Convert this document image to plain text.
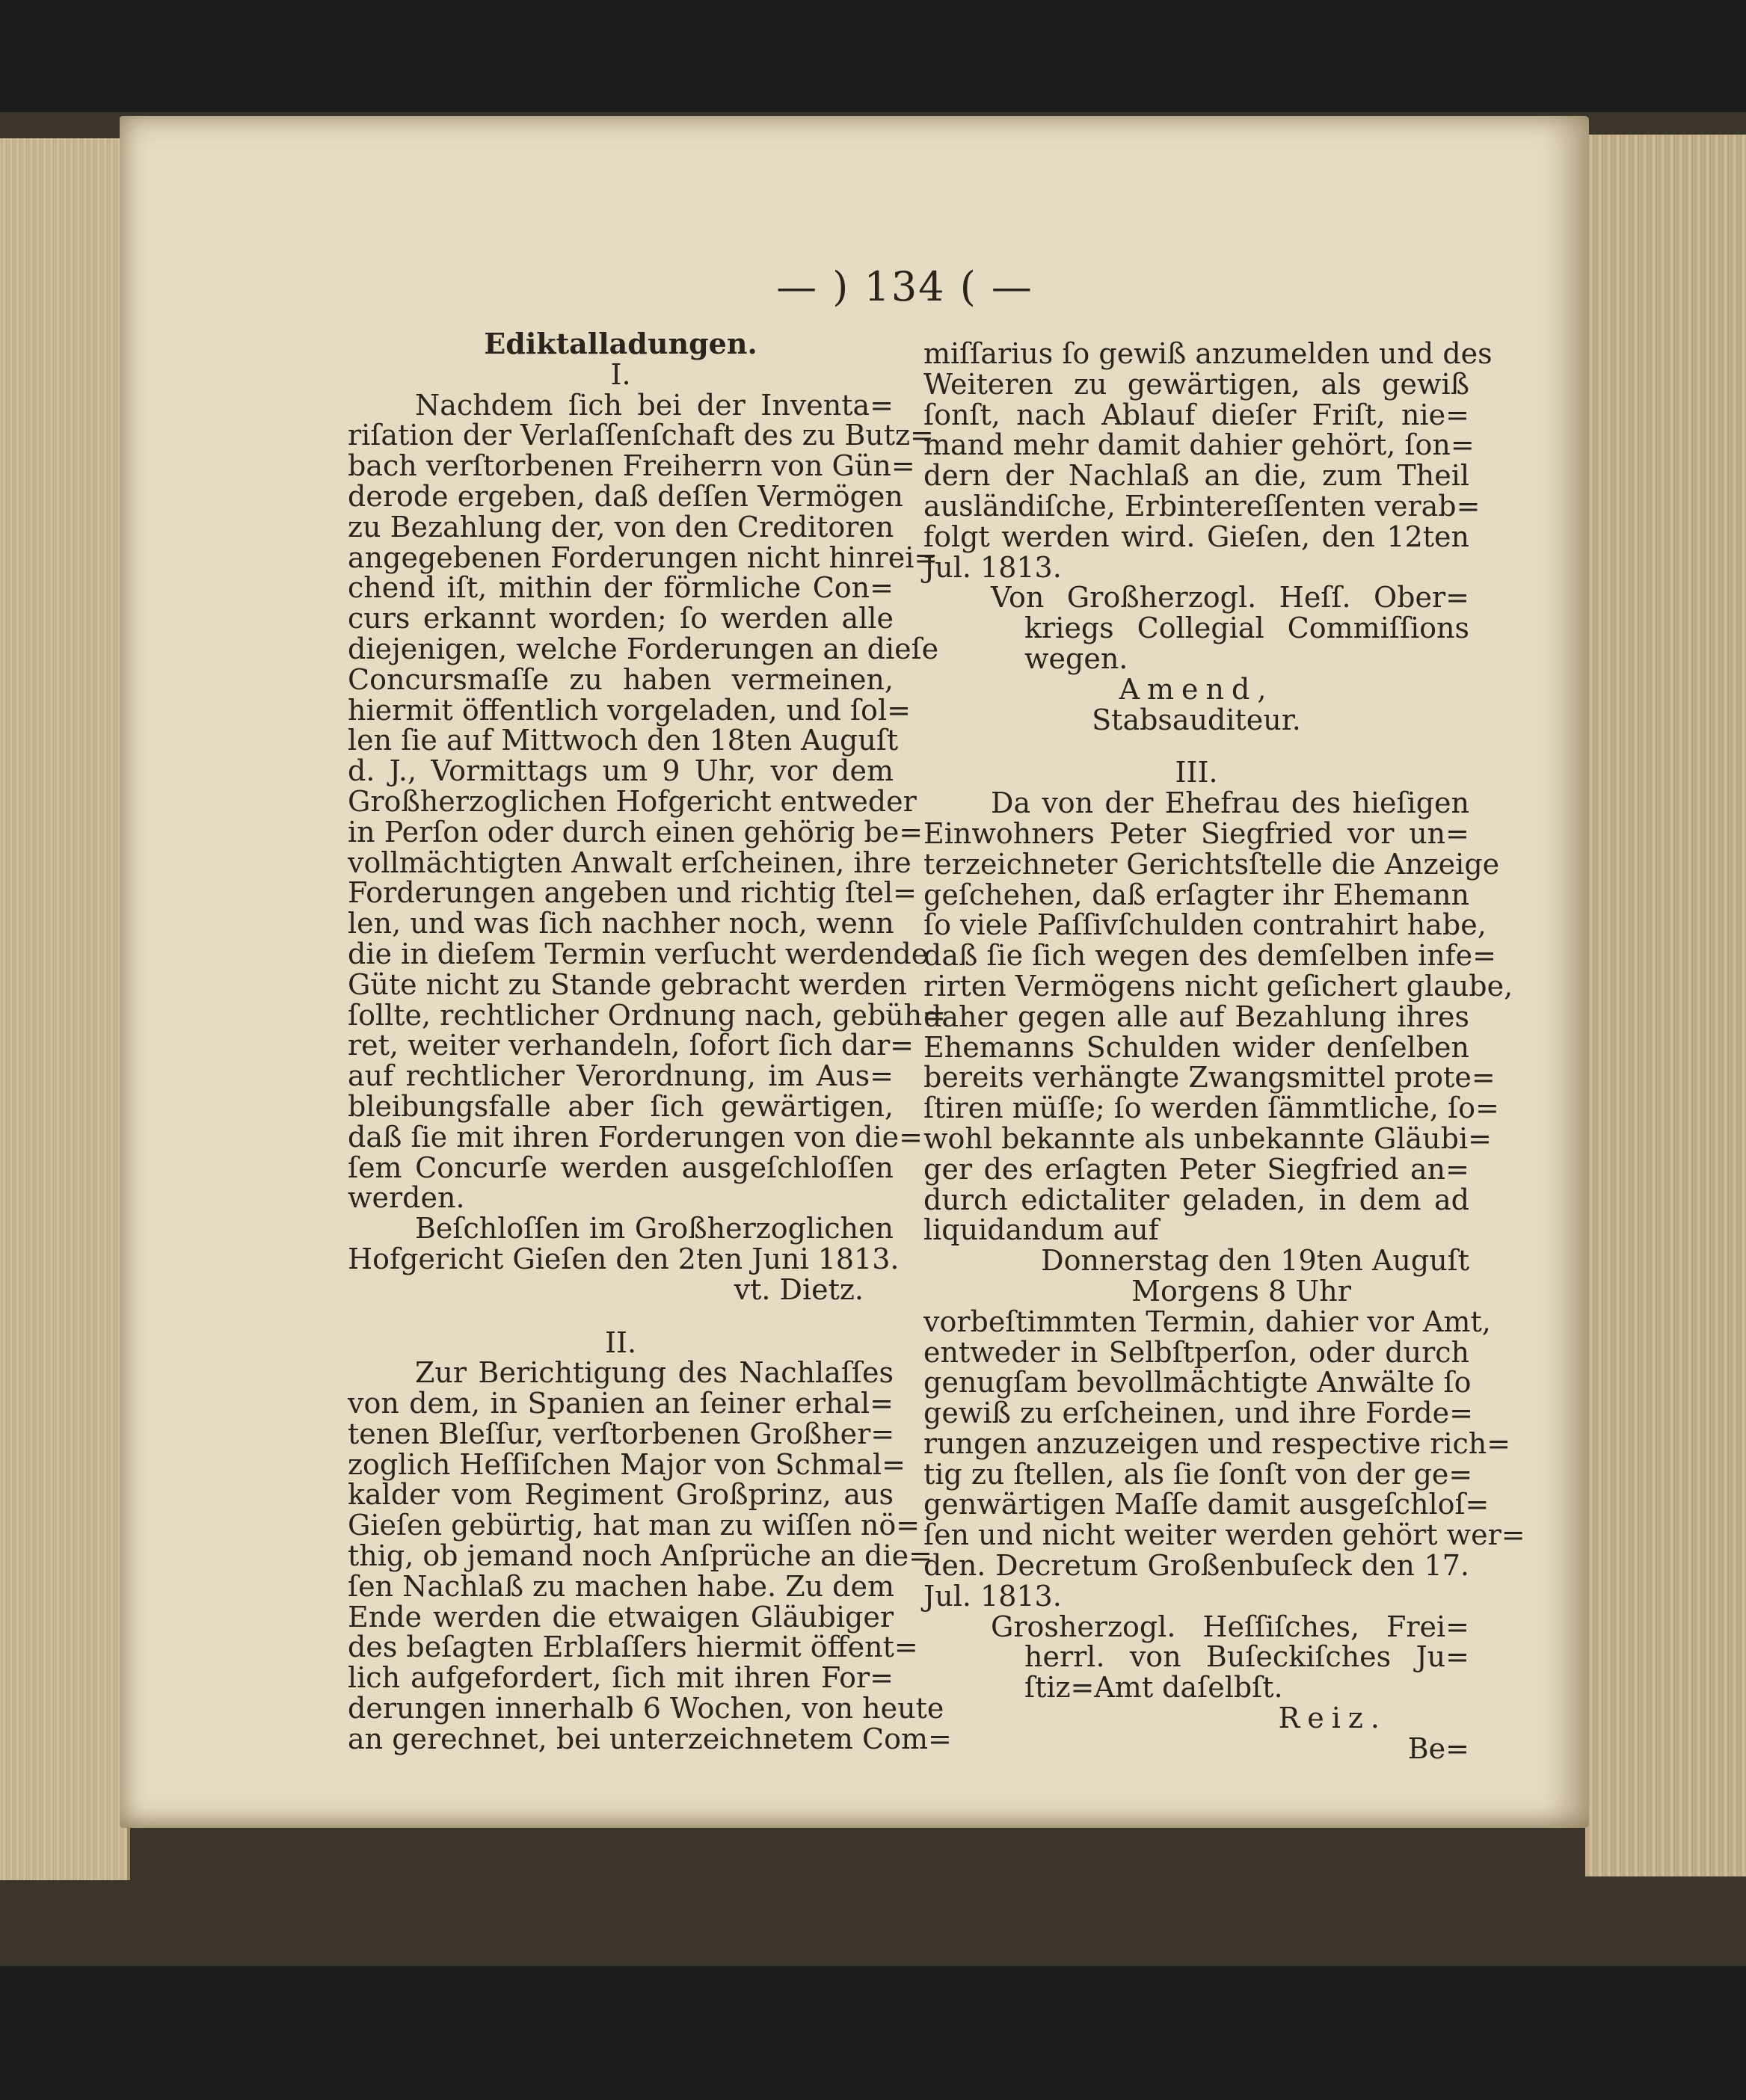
— ) 134 ( —
Ediktalladungen.
I.
Nachdem ſich bei der Inventa=
riſation der Verlaſſenſchaft des zu Butz=
bach verſtorbenen Freiherrn von Gün=
derode ergeben, daß deſſen Vermögen
zu Bezahlung der, von den Creditoren
angegebenen Forderungen nicht hinrei=
chend iſt, mithin der förmliche Con=
curs erkannt worden; ſo werden alle
diejenigen, welche Forderungen an dieſe
Concursmaſſe zu haben vermeinen,
hiermit öffentlich vorgeladen, und ſol=
len ſie auf Mittwoch den 18ten Auguſt
d. J., Vormittags um 9 Uhr, vor dem
Großherzoglichen Hofgericht entweder
in Perſon oder durch einen gehörig be=
vollmächtigten Anwalt erſcheinen, ihre
Forderungen angeben und richtig ſtel=
len, und was ſich nachher noch, wenn
die in dieſem Termin verſucht werdende
Güte nicht zu Stande gebracht werden
ſollte, rechtlicher Ordnung nach, gebüh=
ret, weiter verhandeln, ſofort ſich dar=
auf rechtlicher Verordnung, im Aus=
bleibungsfalle aber ſich gewärtigen,
daß ſie mit ihren Forderungen von die=
ſem Concurſe werden ausgeſchloſſen
werden.
Beſchloſſen im Großherzoglichen
Hofgericht Gieſen den 2ten Juni 1813.
vt. Dietz.
II.
Zur Berichtigung des Nachlaſſes
von dem, in Spanien an ſeiner erhal=
tenen Bleſſur, verſtorbenen Großher=
zoglich Heſſiſchen Major von Schmal=
kalder vom Regiment Großprinz, aus
Gieſen gebürtig, hat man zu wiſſen nö=
thig, ob jemand noch Anſprüche an die=
ſen Nachlaß zu machen habe. Zu dem
Ende werden die etwaigen Gläubiger
des beſagten Erblaſſers hiermit öffent=
lich aufgefordert, ſich mit ihren For=
derungen innerhalb 6 Wochen, von heute
an gerechnet, bei unterzeichnetem Com=
miſſarius ſo gewiß anzumelden und des
Weiteren zu gewärtigen, als gewiß
ſonſt, nach Ablauf dieſer Friſt, nie=
mand mehr damit dahier gehört, ſon=
dern der Nachlaß an die, zum Theil
ausländiſche, Erbintereſſenten verab=
folgt werden wird. Gieſen, den 12ten
Jul. 1813.
Von Großherzogl. Heſſ. Ober=
kriegs Collegial Commiſſions
wegen.
Amend,
Stabsauditeur.
III.
Da von der Ehefrau des hieſigen
Einwohners Peter Siegfried vor un=
terzeichneter Gerichtsſtelle die Anzeige
geſchehen, daß erſagter ihr Ehemann
ſo viele Paſſivſchulden contrahirt habe,
daß ſie ſich wegen des demſelben infe=
rirten Vermögens nicht geſichert glaube,
daher gegen alle auf Bezahlung ihres
Ehemanns Schulden wider denſelben
bereits verhängte Zwangsmittel prote=
ſtiren müſſe; ſo werden ſämmtliche, ſo=
wohl bekannte als unbekannte Gläubi=
ger des erſagten Peter Siegfried an=
durch edictaliter geladen, in dem ad
liquidandum auf
Donnerstag den 19ten Auguſt
Morgens 8 Uhr
vorbeſtimmten Termin, dahier vor Amt,
entweder in Selbſtperſon, oder durch
genugſam bevollmächtigte Anwälte ſo
gewiß zu erſcheinen, und ihre Forde=
rungen anzuzeigen und respective rich=
tig zu ſtellen, als ſie ſonſt von der ge=
genwärtigen Maſſe damit ausgeſchloſ=
ſen und nicht weiter werden gehört wer=
den. Decretum Großenbuſeck den 17.
Jul. 1813.
Grosherzogl. Heſſiſches, Frei=
herrl. von Buſeckiſches Ju=
ſtiz=Amt daſelbſt.
Reiz.
Be=
